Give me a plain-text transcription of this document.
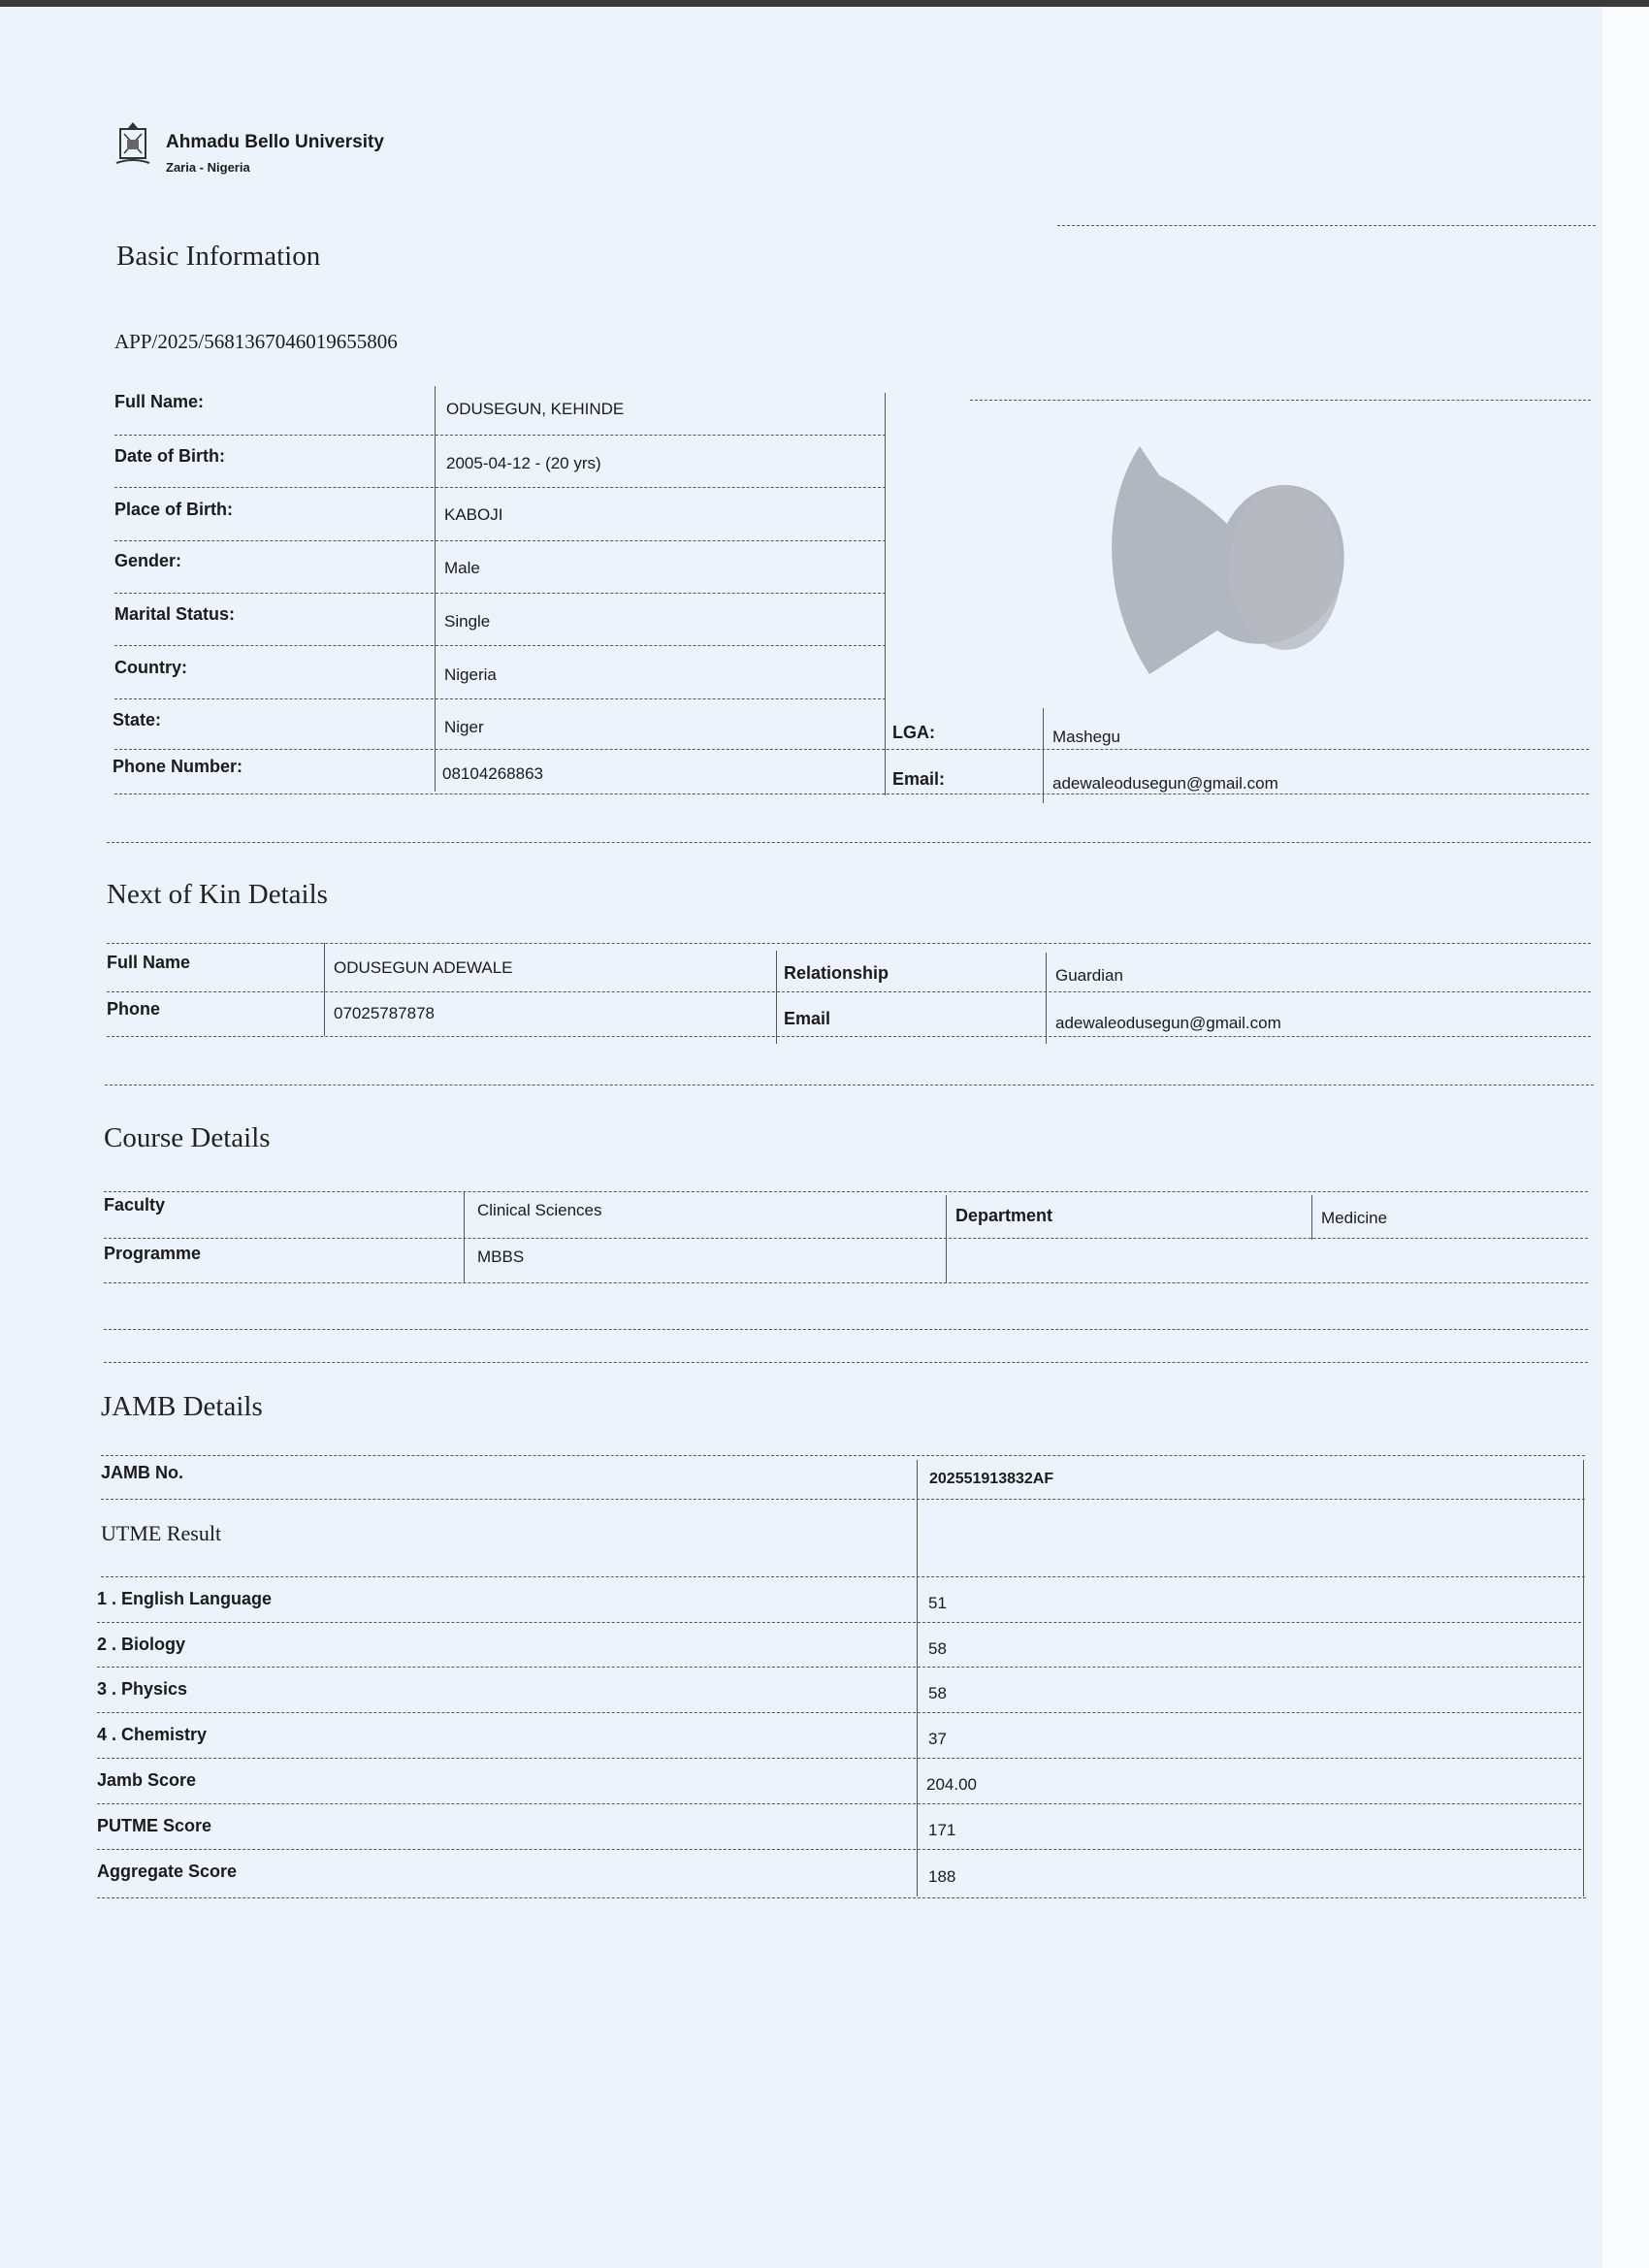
Ahmadu Bello University
Zaria - Nigeria
Basic Information
APP/2025/5681367046019655806
Full Name:	ODUSEGUN, KEHINDE
Date of Birth:	2005-04-12 - (20 yrs)
Place of Birth:	KABOJI
Gender:	Male
Marital Status:	Single
Country:	Nigeria
State:	Niger
Phone Number:	08104268863
LGA:	Mashegu
Email:	adewaleodusegun@gmail.com
Next of Kin Details
Full Name	ODUSEGUN ADEWALE
Phone	07025787878
Relationship	Guardian
Email	adewaleodusegun@gmail.com
Course Details
Faculty	Clinical Sciences
Programme	MBBS
Department	Medicine
JAMB Details
JAMB No.	202551913832AF
UTME Result
1 . English Language	51
2 . Biology	58
3 . Physics	58
4 . Chemistry	37
Jamb Score	204.00
PUTME Score	171
Aggregate Score	188
